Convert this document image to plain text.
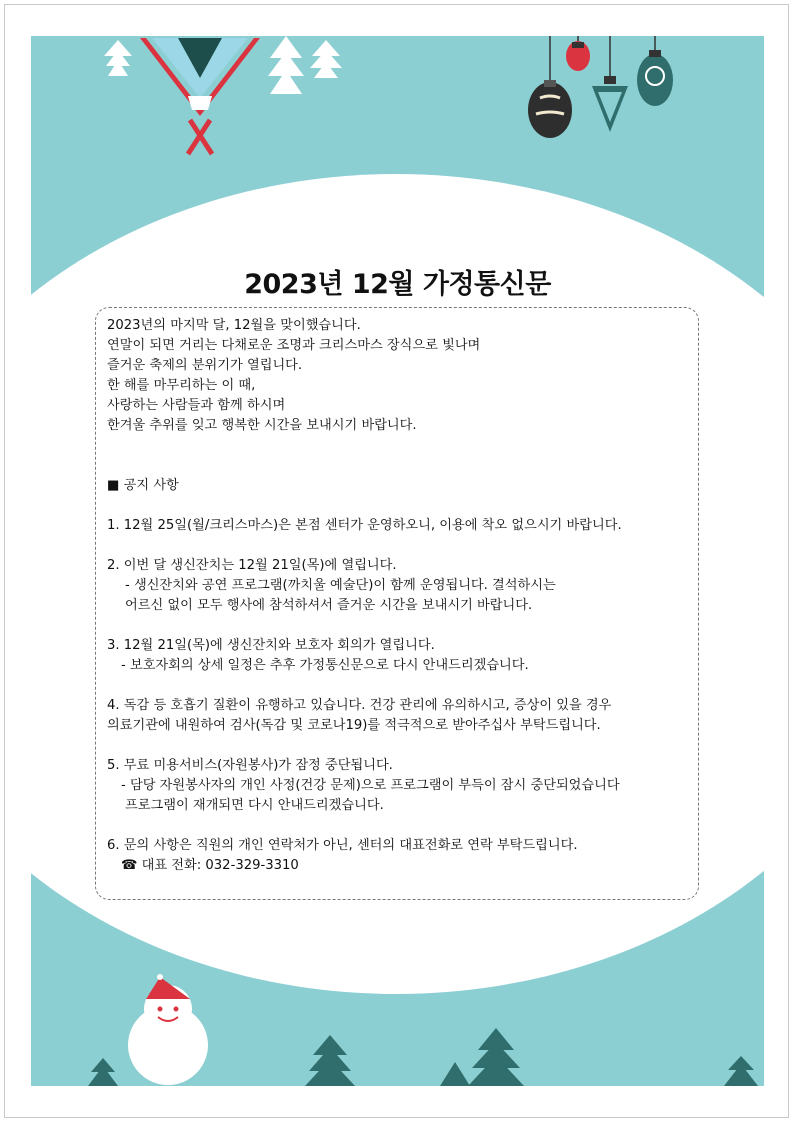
2023년 12월 가정통신문

2023년의 마지막 달, 12월을 맞이했습니다.

연말이 되면 거리는 다채로운 조명과 크리스마스 장식으로 빛나며

즐거운 축제의 분위기가 열립니다.

한 해를 마무리하는 이 때,

사랑하는 사람들과 함께 하시며

한겨울 추위를 잊고 행복한 시간을 보내시기 바랍니다.

■ 공지 사항

1. 12월 25일(월/크리스마스)은 본점 센터가 운영하오니, 이용에 착오 없으시기 바랍니다.

2. 이번 달 생신잔치는 12월 21일(목)에 열립니다.

- 생신잔치와 공연 프로그램(까치울 예술단)이 함께 운영됩니다. 결석하시는

어르신 없이 모두 행사에 참석하셔서 즐거운 시간을 보내시기 바랍니다.

3. 12월 21일(목)에 생신잔치와 보호자 회의가 열립니다.

- 보호자회의 상세 일정은 추후 가정통신문으로 다시 안내드리겠습니다.

4. 독감 등 호흡기 질환이 유행하고 있습니다. 건강 관리에 유의하시고, 증상이 있을 경우

의료기관에 내원하여 검사(독감 및 코로나19)를 적극적으로 받아주십사 부탁드립니다.

5. 무료 미용서비스(자원봉사)가 잠정 중단됩니다.

- 담당 자원봉사자의 개인 사정(건강 문제)으로 프로그램이 부득이 잠시 중단되었습니다

프로그램이 재개되면 다시 안내드리겠습니다.

6. 문의 사항은 직원의 개인 연락처가 아닌, 센터의 대표전화로 연락 부탁드립니다.

☎ 대표 전화: 032-329-3310
